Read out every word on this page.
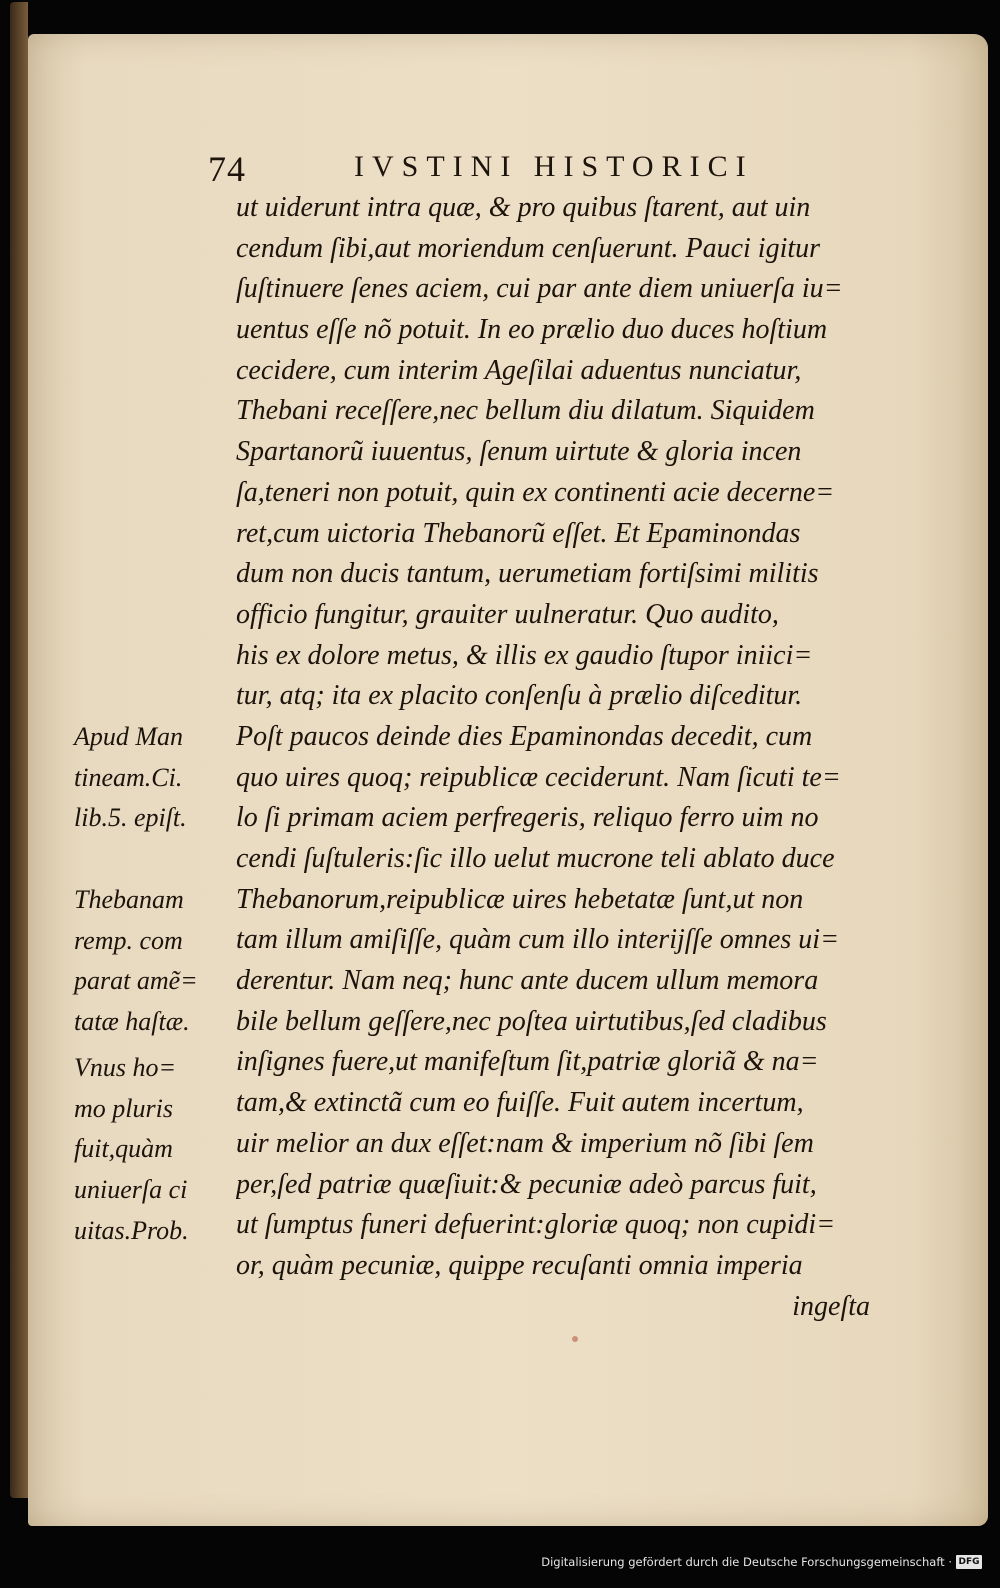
74	IVSTINI HISTORICI
ut uiderunt intra quæ, & pro quibus ſtarent, aut uin
cendum ſibi,aut moriendum cenſuerunt. Pauci igitur
ſuſtinuere ſenes aciem, cui par ante diem uniuerſa iu=
uentus eſſe nõ potuit. In eo prælio duo duces hoſtium
cecidere, cum interim Ageſilai aduentus nunciatur,
Thebani receſſere,nec bellum diu dilatum. Siquidem
Spartanorũ iuuentus, ſenum uirtute & gloria incen
ſa,teneri non potuit, quin ex continenti acie decerne=
ret,cum uictoria Thebanorũ eſſet. Et Epaminondas
dum non ducis tantum, uerumetiam fortiſsimi militis
officio fungitur, grauiter uulneratur. Quo audito,
his ex dolore metus, & illis ex gaudio ſtupor iniici=
tur, atq; ita ex placito conſenſu à prælio diſceditur.
Poſt paucos deinde dies Epaminondas decedit, cum
quo uires quoq; reipublicæ ceciderunt. Nam ſicuti te=
lo ſi primam aciem perfregeris, reliquo ferro uim no
cendi ſuſtuleris:ſic illo uelut mucrone teli ablato duce
Thebanorum,reipublicæ uires hebetatæ ſunt,ut non
tam illum amiſiſſe, quàm cum illo interijſſe omnes ui=
derentur. Nam neq; hunc ante ducem ullum memora
bile bellum geſſere,nec poſtea uirtutibus,ſed cladibus
inſignes fuere,ut manifeſtum ſit,patriæ gloriã & na=
tam,& extinctã cum eo fuiſſe. Fuit autem incertum,
uir melior an dux eſſet:nam & imperium nõ ſibi ſem
per,ſed patriæ quæſiuit:& pecuniæ adeò parcus fuit,
ut ſumptus funeri defuerint:gloriæ quoq; non cupidi=
or, quàm pecuniæ, quippe recuſanti omnia imperia
ingeſta
Apud Man
tineam.Ci.
lib.5. epiſt.
Thebanam
remp. com
parat amẽ=
tatæ haſtæ.
Vnus ho=
mo pluris
fuit,quàm
uniuerſa ci
uitas.Prob.
Digitalisierung gefördert durch die Deutsche Forschungsgemeinschaft · DFG
